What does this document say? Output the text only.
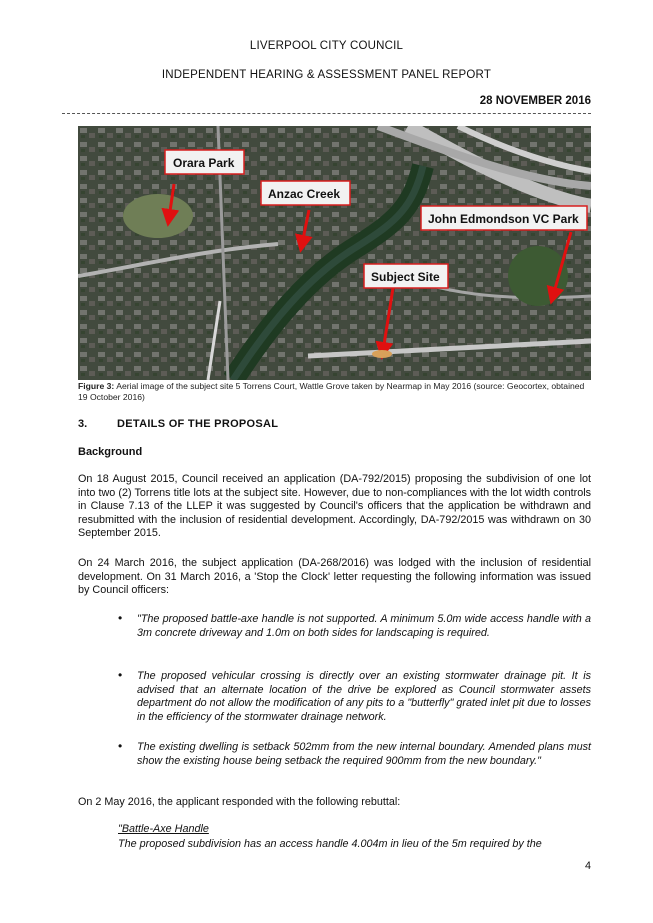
LIVERPOOL CITY COUNCIL
INDEPENDENT HEARING & ASSESSMENT PANEL REPORT
28 NOVEMBER 2016
Orara Park
Anzac Creek
John Edmondson VC Park
Subject Site
Figure 3: Aerial image of the subject site 5 Torrens Court, Wattle Grove taken by Nearmap in May 2016 (source: Geocortex, obtained 19 October 2016)
3.	DETAILS OF THE PROPOSAL
Background
On 18 August 2015, Council received an application (DA-792/2015) proposing the subdivision of one lot into two (2) Torrens title lots at the subject site. However, due to non-compliances with the lot width controls in Clause 7.13 of the LLEP it was suggested by Council's officers that the application be withdrawn and resubmitted with the inclusion of residential development. Accordingly, DA-792/2015 was withdrawn on 30 September 2015.
On 24 March 2016, the subject application (DA-268/2016) was lodged with the inclusion of residential development. On 31 March 2016, a 'Stop the Clock' letter requesting the following information was issued by Council officers:
• "The proposed battle-axe handle is not supported. A minimum 5.0m wide access handle with a 3m concrete driveway and 1.0m on both sides for landscaping is required.
• The proposed vehicular crossing is directly over an existing stormwater drainage pit. It is advised that an alternate location of the drive be explored as Council stormwater assets department do not allow the modification of any pits to a "butterfly" grated inlet pit due to losses in the efficiency of the stormwater drainage network.
• The existing dwelling is setback 502mm from the new internal boundary. Amended plans must show the existing house being setback the required 900mm from the new boundary."
On 2 May 2016, the applicant responded with the following rebuttal:
"Battle-Axe Handle
The proposed subdivision has an access handle 4.004m in lieu of the 5m required by the
4
